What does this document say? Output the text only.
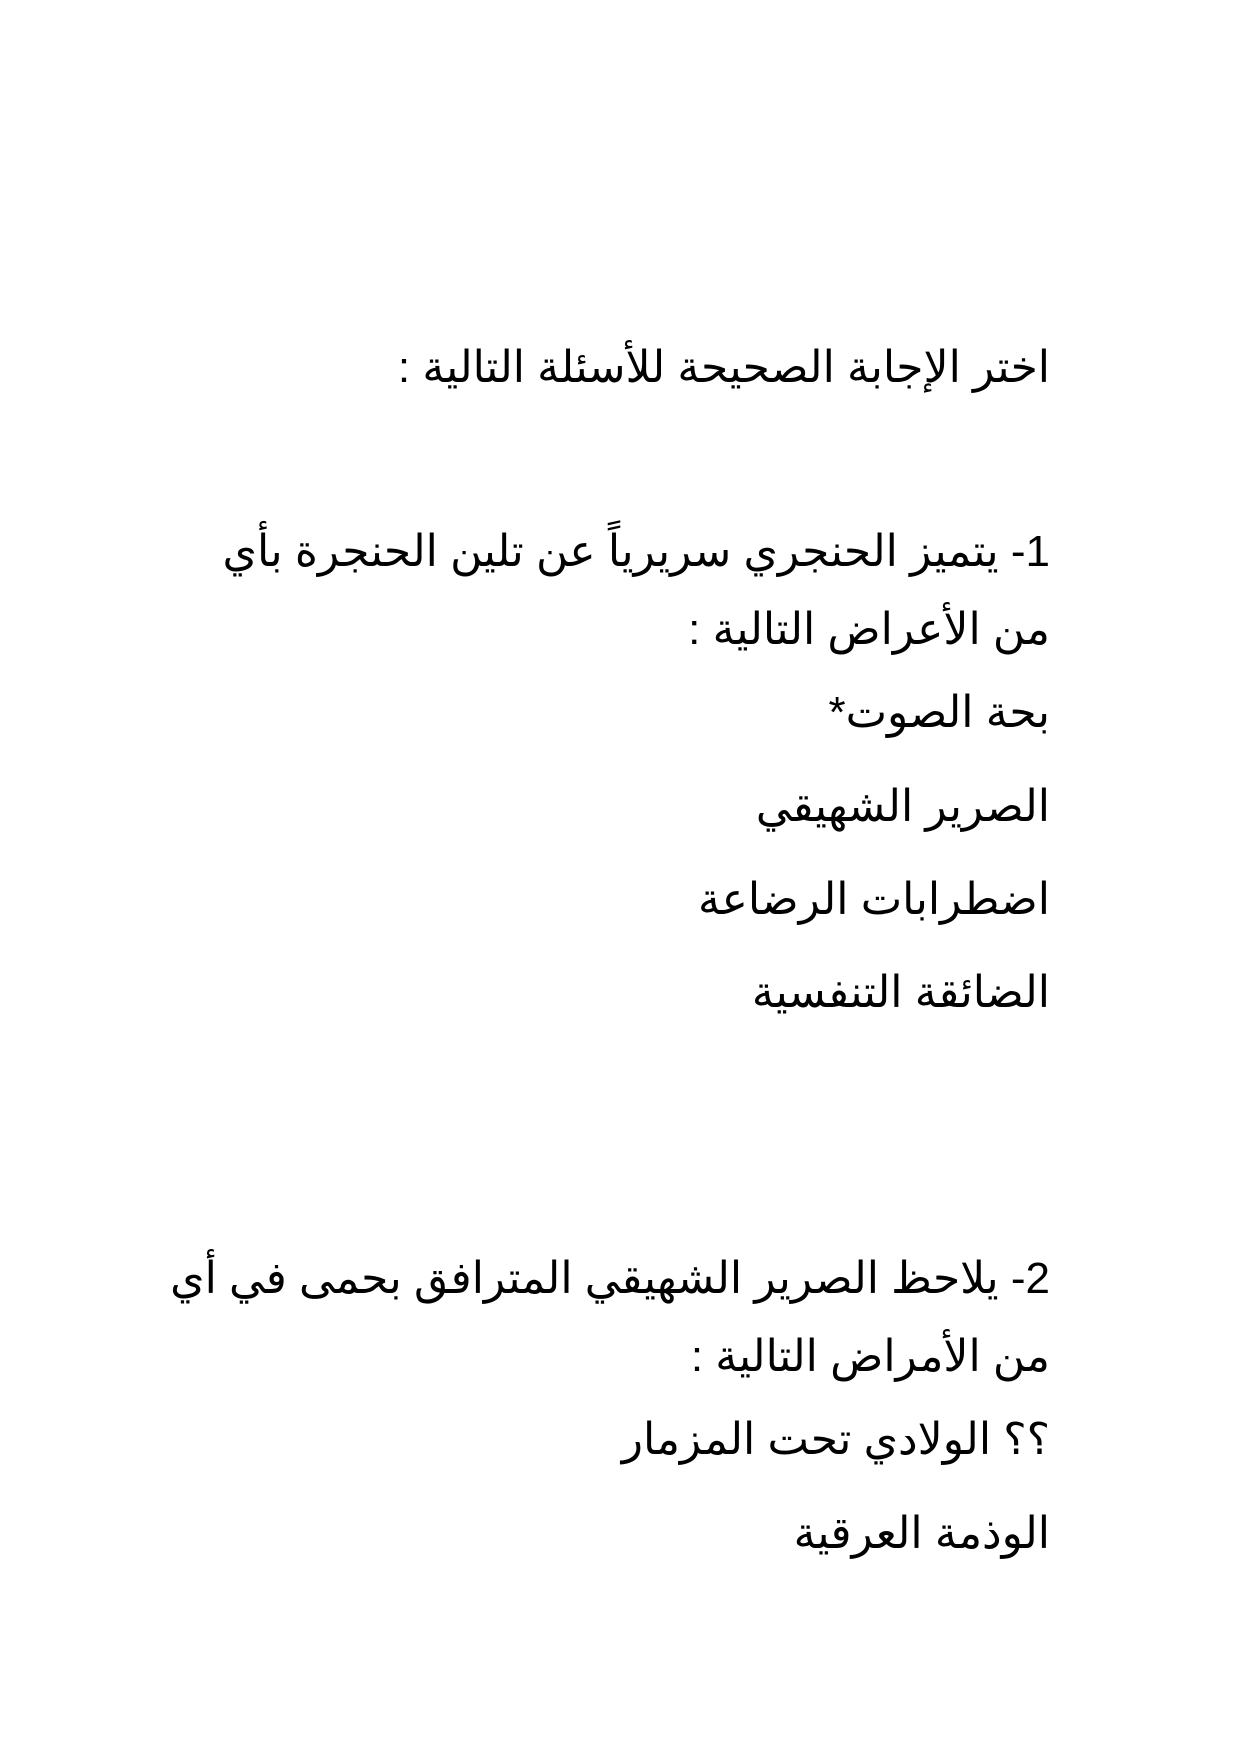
اختر الإجابة الصحيحة للأسئلة التالية :
1- يتميز الحنجري سريرياً عن تلين الحنجرة بأي
من الأعراض التالية :
بحة الصوت*
الصرير الشهيقي
اضطرابات الرضاعة
الضائقة التنفسية
2- يلاحظ الصرير الشهيقي المترافق بحمى في أي
من الأمراض التالية :
؟؟ الولادي تحت المزمار
الوذمة العرقية
